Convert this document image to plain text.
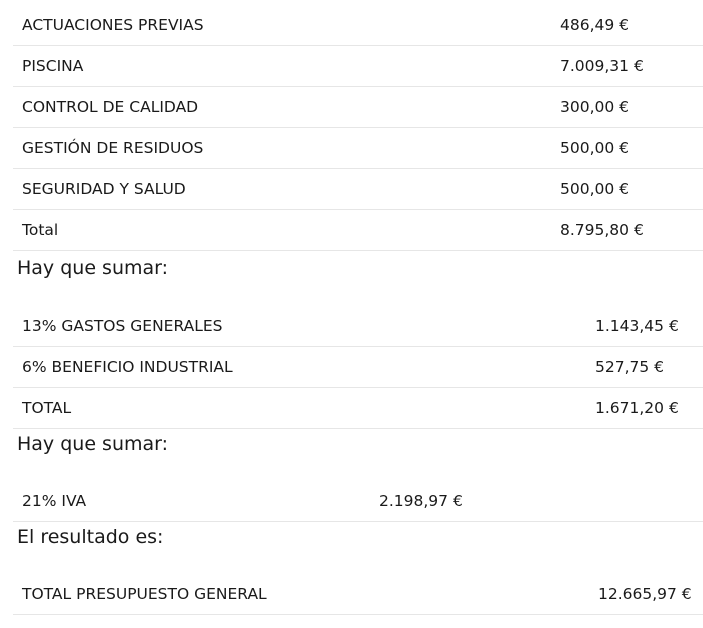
ACTUACIONES PREVIAS	486,49 €
PISCINA	7.009,31 €
CONTROL DE CALIDAD	300,00 €
GESTIÓN DE RESIDUOS	500,00 €
SEGURIDAD Y SALUD	500,00 €
Total	8.795,80 €
Hay que sumar:
13% GASTOS GENERALES	1.143,45 €
6% BENEFICIO INDUSTRIAL	527,75 €
TOTAL	1.671,20 €
Hay que sumar:
21% IVA	2.198,97 €
El resultado es:
TOTAL PRESUPUESTO GENERAL	12.665,97 €
